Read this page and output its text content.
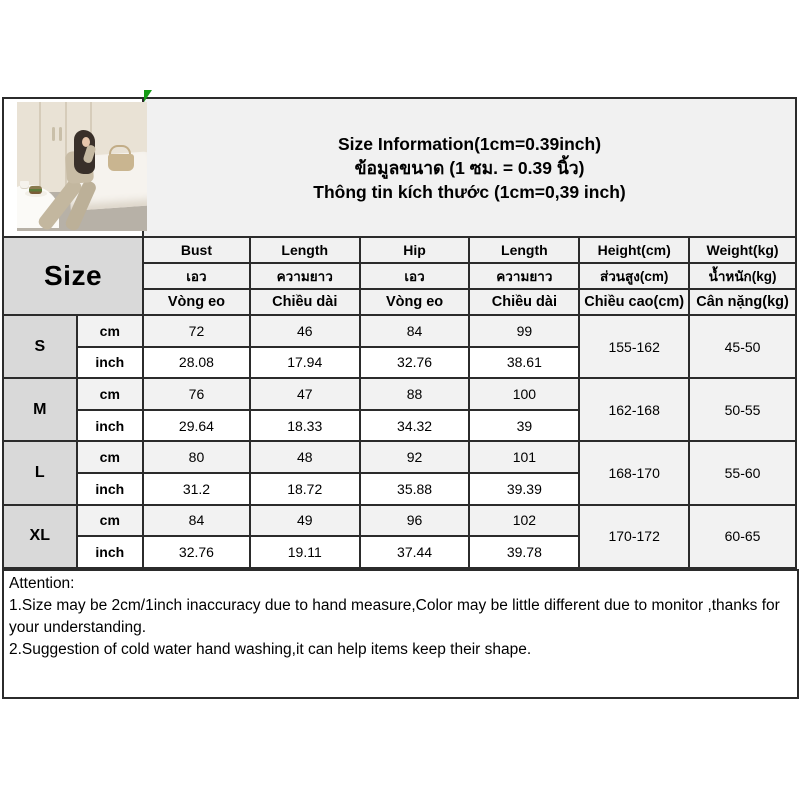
		Size Information(1cm=0.39inch)
ข้อมูลขนาด (1 ซม. = 0.39 นิ้ว)
Thông tin kích thước (1cm=0,39 inch)					

Size		Bust	Length	Hip	Length	Height(cm)	Weight(kg)
		เอว	ความยาว	เอว	ความยาว	ส่วนสูง(cm)	น้ำหนัก(kg)
		Vòng eo	Chiều dài	Vòng eo	Chiều dài	Chiều cao(cm)	Cân nặng(kg)
S	cm	72	46	84	99	155-162	45-50
	inch	28.08	17.94	32.76	38.61		
M	cm	76	47	88	100	162-168	50-55
	inch	29.64	18.33	34.32	39		
L	cm	80	48	92	101	168-170	55-60
	inch	31.2	18.72	35.88	39.39		
XL	cm	84	49	96	102	170-172	60-65
	inch	32.76	19.11	37.44	39.78		
Attention:
1.Size may be 2cm/1inch inaccuracy due to hand measure,Color may be little different due to monitor ,thanks for your understanding.
2.Suggestion of cold water hand washing,it can help items keep their shape.
